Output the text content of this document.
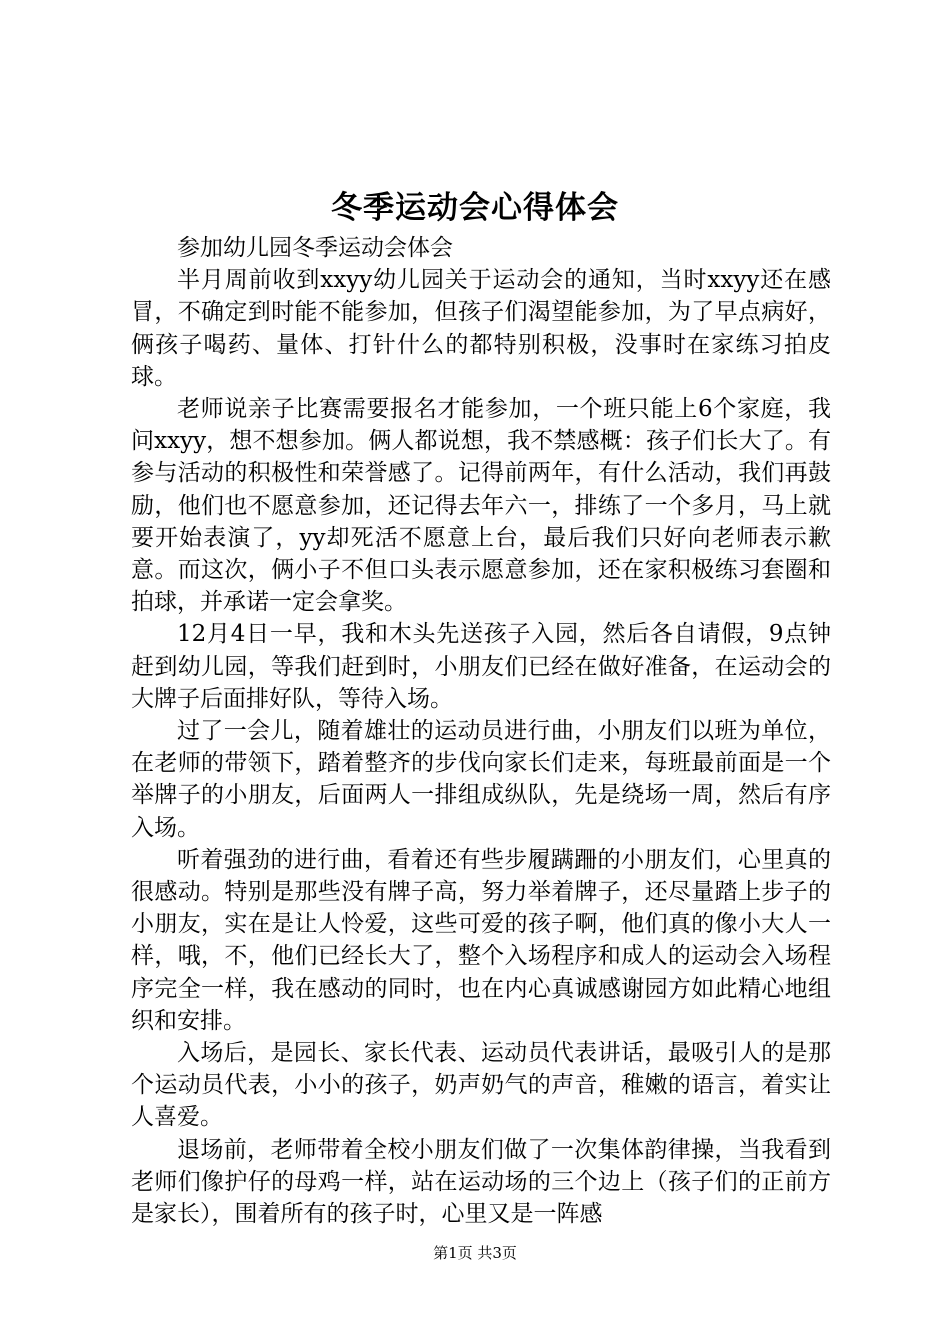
冬季运动会心得体会

参加幼儿园冬季运动会体会

半月周前收到xxyy幼儿园关于运动会的通知，当时xxyy还在感冒，不确定到时能不能参加，但孩子们渴望能参加，为了早点病好，俩孩子喝药、量体、打针什么的都特别积极，没事时在家练习拍皮球。

老师说亲子比赛需要报名才能参加，一个班只能上6个家庭，我问xxyy，想不想参加。俩人都说想，我不禁感概：孩子们长大了。有参与活动的积极性和荣誉感了。记得前两年，有什么活动，我们再鼓励，他们也不愿意参加，还记得去年六一，排练了一个多月，马上就要开始表演了，yy却死活不愿意上台，最后我们只好向老师表示歉意。而这次，俩小子不但口头表示愿意参加，还在家积极练习套圈和拍球，并承诺一定会拿奖。

12月4日一早，我和木头先送孩子入园，然后各自请假，9点钟赶到幼儿园，等我们赶到时，小朋友们已经在做好准备，在运动会的大牌子后面排好队，等待入场。

过了一会儿，随着雄壮的运动员进行曲，小朋友们以班为单位，在老师的带领下，踏着整齐的步伐向家长们走来，每班最前面是一个举牌子的小朋友，后面两人一排组成纵队，先是绕场一周，然后有序入场。

听着强劲的进行曲，看着还有些步履蹒跚的小朋友们，心里真的很感动。特别是那些没有牌子高，努力举着牌子，还尽量踏上步子的小朋友，实在是让人怜爱，这些可爱的孩子啊，他们真的像小大人一样，哦，不，他们已经长大了，整个入场程序和成人的运动会入场程序完全一样，我在感动的同时，也在内心真诚感谢园方如此精心地组织和安排。

入场后，是园长、家长代表、运动员代表讲话，最吸引人的是那个运动员代表，小小的孩子，奶声奶气的声音，稚嫩的语言，着实让人喜爱。

退场前，老师带着全校小朋友们做了一次集体韵律操，当我看到老师们像护仔的母鸡一样，站在运动场的三个边上（孩子们的正前方是家长），围着所有的孩子时，心里又是一阵感

第1页 共3页
